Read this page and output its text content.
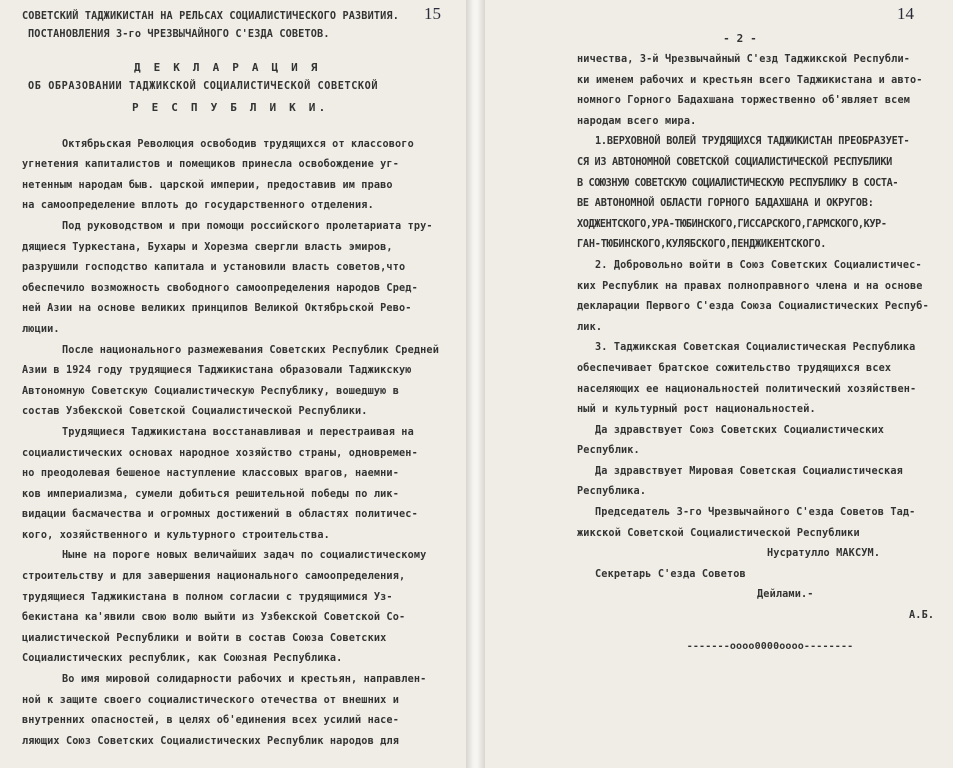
15
СОВЕТСКИЙ ТАДЖИКИСТАН НА РЕЛЬСАХ СОЦИАЛИСТИЧЕСКОГО РАЗВИТИЯ.
ПОСТАНОВЛЕНИЯ 3-го ЧРЕЗВЫЧАЙНОГО С'ЕЗДА СОВЕТОВ.
Д Е К Л А Р А Ц И Я
ОБ ОБРАЗОВАНИИ ТАДЖИКСКОЙ СОЦИАЛИСТИЧЕСКОЙ СОВЕТСКОЙ
Р Е С П У Б Л И К И.
Октябрьская Революция освободив трудящихся от классового
угнетения капиталистов и помещиков принесла освобождение уг-
нетенным народам быв. царской империи, предоставив им право
на самоопределение вплоть до государственного отделения.
Под руководством и при помощи российского пролетариата тру-
дящиеся Туркестана, Бухары и Хорезма свергли власть эмиров,
разрушили господство капитала и установили власть советов,что
обеспечило возможность свободного самоопределения народов Сред-
ней Азии на основе великих принципов Великой Октябрьской Рево-
люции.
После национального размежевания Советских Республик Средней
Азии в 1924 году трудящиеся Таджикистана образовали Таджикскую
Автономную Советскую Социалистическую Республику, вошедшую в
состав Узбекской Советской Социалистической Республики.
Трудящиеся Таджикистана восстанавливая и перестраивая на
социалистических основах народное хозяйство страны, одновремен-
но преодолевая бешеное наступление классовых врагов, наемни-
ков империализма, сумели добиться решительной победы по лик-
видации басмачества и огромных достижений в областях политичес-
кого, хозяйственного и культурного строительства.
Ныне на пороге новых величайших задач по социалистическому
строительству и для завершения национального самоопределения,
трудящиеся Таджикистана в полном согласии с трудящимися Уз-
бекистана ка'явили свою волю выйти из Узбекской Советской Со-
циалистической Республики и войти в состав Союза Советских
Социалистических республик, как Союзная Республика.
Во имя мировой солидарности рабочих и крестьян, направлен-
ной к защите своего социалистического отечества от внешних и
внутренних опасностей, в целях об'единения всех усилий насе-
ляющих Союз Советских Социалистических Республик народов для
14
- 2 -
ничества, 3-й Чрезвычайный С'езд Таджикской Республи-
ки именем рабочих и крестьян всего Таджикистана и авто-
номного Горного Бадахшана торжественно об'являет всем
народам всего мира.
1.ВЕРХОВНОЙ ВОЛЕЙ ТРУДЯЩИХСЯ ТАДЖИКИСТАН ПРЕОБРАЗУЕТ-
СЯ ИЗ АВТОНОМНОЙ СОВЕТСКОЙ СОЦИАЛИСТИЧЕСКОЙ РЕСПУБЛИКИ
В СОЮЗНУЮ СОВЕТСКУЮ СОЦИАЛИСТИЧЕСКУЮ РЕСПУБЛИКУ В СОСТА-
ВЕ АВТОНОМНОЙ ОБЛАСТИ ГОРНОГО БАДАХШАНА И ОКРУГОВ:
ХОДЖЕНТСКОГО,УРА-ТЮБИНСКОГО,ГИССАРСКОГО,ГАРМСКОГО,КУР-
ГАН-ТЮБИНСКОГО,КУЛЯБСКОГО,ПЕНДЖИКЕНТСКОГО.
2. Добровольно войти в Союз Советских Социалистичес-
ких Республик на правах полноправного члена и на основе
декларации Первого С'езда Союза Социалистических Респуб-
лик.
3. Таджикская Советская Социалистическая Республика
обеспечивает братское сожительство трудящихся всех
населяющих ее национальностей политический хозяйствен-
ный и культурный рост национальностей.
Да здравствует Союз Советских Социалистических
Республик.
Да здравствует Мировая Советская Социалистическая
Республика.
Председатель 3-го Чрезвычайного С'езда Советов Тад-
жикской Советской Социалистической Республики
Нусратулло МАКСУМ.
Секретарь С'езда Советов
Дейлами.-
А.Б.
-------оооо0000оооо--------
